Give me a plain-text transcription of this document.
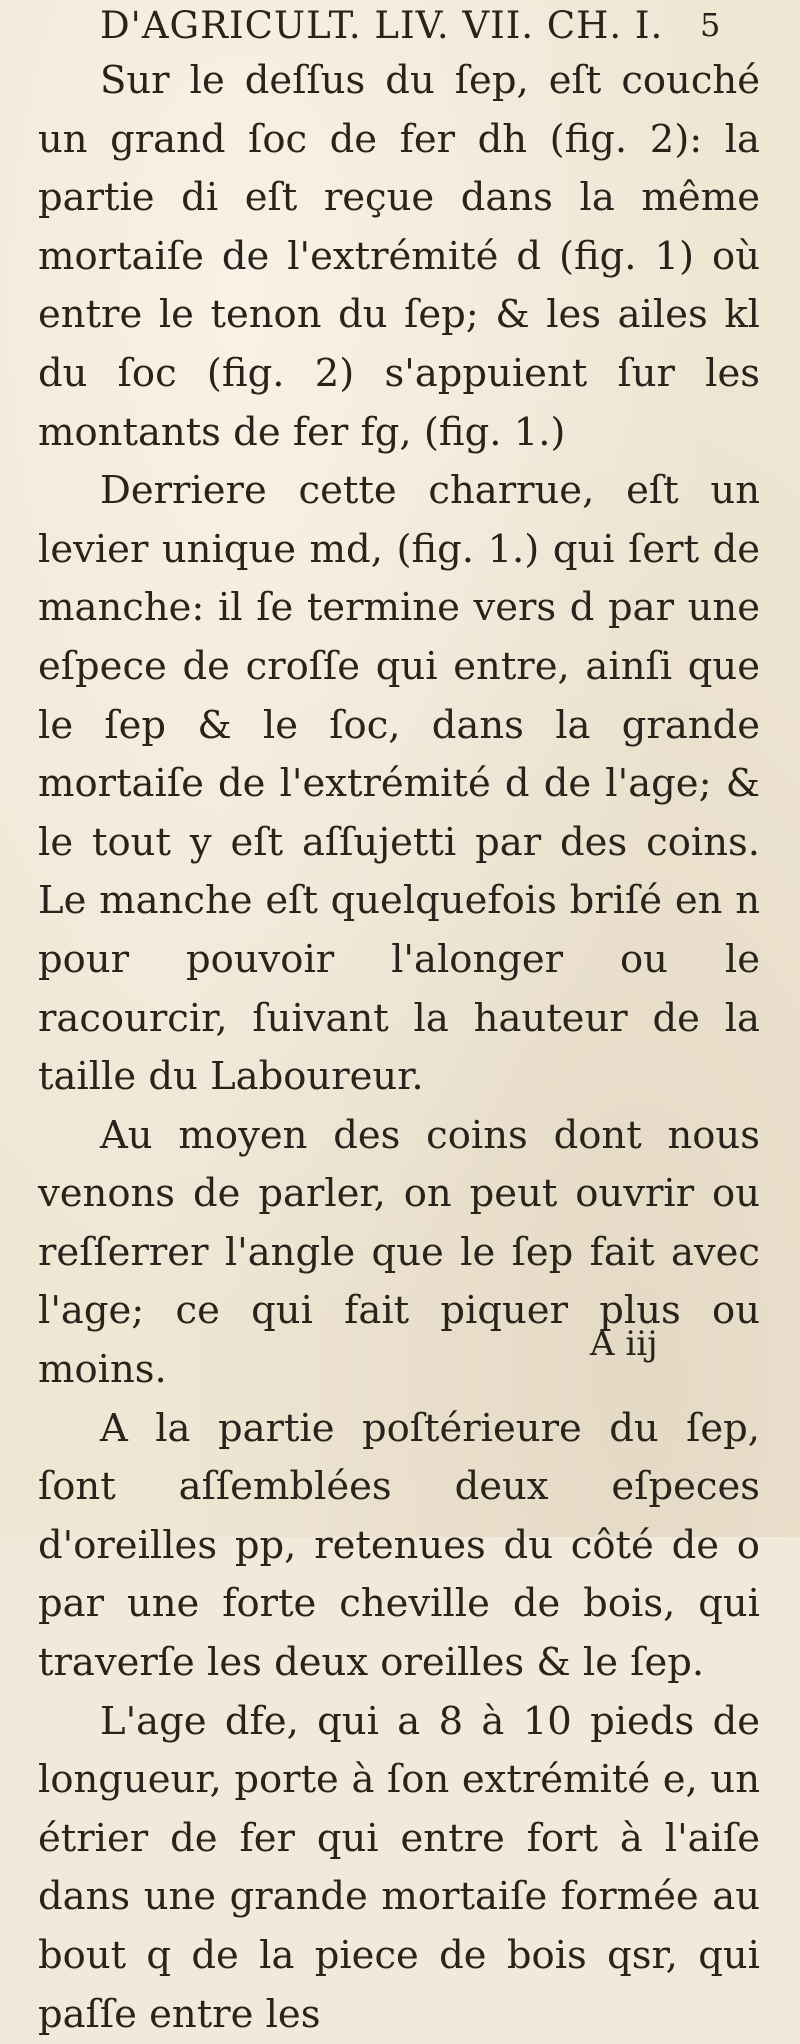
D'AGRICULT. LIV. VII. CH. I. 5

Sur le deſſus du ſep, eſt couché un grand ſoc de fer dh (fig. 2): la partie di eſt reçue dans la même mortaiſe de l'extrémité d (fig. 1) où entre le tenon du ſep; & les ailes kl du ſoc (fig. 2) s'appuient ſur les montants de fer fg, (fig. 1.)

Derriere cette charrue, eſt un levier unique md, (fig. 1.) qui ſert de manche: il ſe termine vers d par une eſpece de croſſe qui entre, ainſi que le ſep & le ſoc, dans la grande mortaiſe de l'extrémité d de l'age; & le tout y eſt aſſujetti par des coins. Le manche eſt quelquefois briſé en n pour pouvoir l'alonger ou le racourcir, ſuivant la hauteur de la taille du Laboureur.

Au moyen des coins dont nous venons de parler, on peut ouvrir ou reſſerrer l'angle que le ſep fait avec l'age; ce qui fait piquer plus ou moins.

A la partie poſtérieure du ſep, ſont aſſemblées deux eſpeces d'oreilles pp, retenues du côté de o par une forte cheville de bois, qui traverſe les deux oreilles & le ſep.

L'age dfe, qui a 8 à 10 pieds de longueur, porte à ſon extrémité e, un étrier de fer qui entre fort à l'aiſe dans une grande mortaiſe formée au bout q de la piece de bois qsr, qui paſſe entre les

A iij
